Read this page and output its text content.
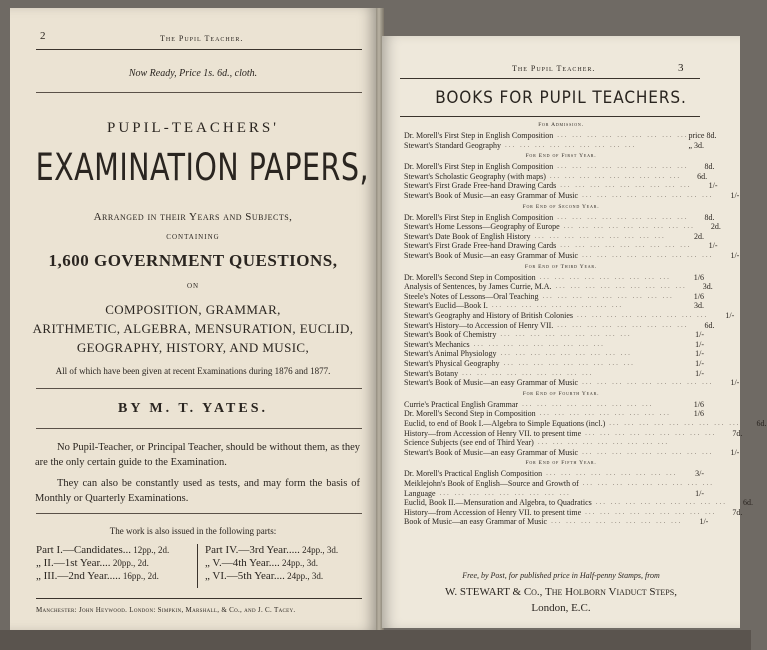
2	The Pupil Teacher.
Now Ready, Price 1s. 6d., cloth.
PUPIL-TEACHERS'
EXAMINATION PAPERS,
Arranged in their Years and Subjects,
CONTAINING
1,600 GOVERNMENT QUESTIONS,
ON
COMPOSITION, GRAMMAR,
ARITHMETIC, ALGEBRA, MENSURATION, EUCLID,
GEOGRAPHY, HISTORY, AND MUSIC,
All of which have been given at recent Examinations during 1876 and 1877.
BY M. T. YATES.
No Pupil-Teacher, or Principal Teacher, should be without them, as they are the only certain guide to the Examination.
They can also be constantly used as tests, and may form the basis of Monthly or Quarterly Examinations.
The work is also issued in the following parts:
Part I.—Candidates... 12pp., 2d.
„ II.—1st Year.... 20pp., 2d.
„ III.—2nd Year..... 16pp., 2d.
Part IV.—3rd Year..... 24pp., 3d.
„ V.—4th Year.... 24pp., 3d.
„ VI.—5th Year.... 24pp., 3d.
Manchester: John Heywood. London: Simpkin, Marshall, & Co., and J. C. Tacey.
The Pupil Teacher.	3
BOOKS FOR PUPIL TEACHERS.
For Admission.
Dr. Morell's First Step in English Composition ... ... ... ... ... ... ... ... ... price 8d.
Stewart's Standard Geography ... ... ... ... ... ... ... ... ...	„ 3d.
For End of First Year.
Dr. Morell's First Step in English Composition ... ... ... ... ... ... ... ... ...	8d.
Stewart's Scholastic Geography (with maps) ... ... ... ... ... ... ... ... ...	6d.
Stewart's First Grade Free-hand Drawing Cards ... ... ... ... ... ... ... ... ...	1/-
Stewart's Book of Music—an easy Grammar of Music ... ... ... ... ... ... ... ... ...	1/-
For End of Second Year.
Dr. Morell's First Step in English Composition ... ... ... ... ... ... ... ... ...	8d.
Stewart's Home Lessons—Geography of Europe ... ... ... ... ... ... ... ... ...	2d.
Stewart's Date Book of English History ... ... ... ... ... ... ... ... ...	2d.
Stewart's First Grade Free-hand Drawing Cards ... ... ... ... ... ... ... ... ...	1/-
Stewart's Book of Music—an easy Grammar of Music ... ... ... ... ... ... ... ... ...	1/-
For End of Third Year.
Dr. Morell's Second Step in Composition ... ... ... ... ... ... ... ... ...	1/6
Analysis of Sentences, by James Currie, M.A. ... ... ... ... ... ... ... ... ...	3d.
Steele's Notes of Lessons—Oral Teaching ... ... ... ... ... ... ... ... ...	1/6
Stewart's Euclid—Book I. ... ... ... ... ... ... ... ... ...	3d.
Stewart's Geography and History of British Colonies ... ... ... ... ... ... ... ... ...	1/-
Stewart's History—to Accession of Henry VII. ... ... ... ... ... ... ... ... ...	6d.
Stewart's Book of Chemistry ... ... ... ... ... ... ... ... ...	1/-
Stewart's Mechanics ... ... ... ... ... ... ... ... ...	1/-
Stewart's Animal Physiology ... ... ... ... ... ... ... ... ...	1/-
Stewart's Physical Geography ... ... ... ... ... ... ... ... ...	1/-
Stewart's Botany ... ... ... ... ... ... ... ... ...	1/-
Stewart's Book of Music—an easy Grammar of Music ... ... ... ... ... ... ... ... ...	1/-
For End of Fourth Year.
Currie's Practical English Grammar ... ... ... ... ... ... ... ... ...	1/6
Dr. Morell's Second Step in Composition ... ... ... ... ... ... ... ... ...	1/6
Euclid, to end of Book I.—Algebra to Simple Equations (incl.) ... ... ... ... ... ... ... ... ...	6d.
History—from Accession of Henry VII. to present time ... ... ... ... ... ... ... ... ...	7d.
Science Subjects (see end of Third Year) ... ... ... ... ... ... ... ... ...
Stewart's Book of Music—an easy Grammar of Music ... ... ... ... ... ... ... ... ...	1/-
For End of Fifth Year.
Dr. Morell's Practical English Composition ... ... ... ... ... ... ... ... ...	3/-
Meiklejohn's Book of English—Source and Growth of ... ... ... ... ... ... ... ... ...
Language ... ... ... ... ... ... ... ... ...	1/-
Euclid, Book II.—Mensuration and Algebra, to Quadratics ... ... ... ... ... ... ... ... ...	6d.
History—from Accession of Henry VII. to present time ... ... ... ... ... ... ... ... ...	7d.
Book of Music—an easy Grammar of Music ... ... ... ... ... ... ... ... ...	1/-
Free, by Post, for published price in Half-penny Stamps, from
W. STEWART & Co., The Holborn Viaduct Steps,
London, E.C.
